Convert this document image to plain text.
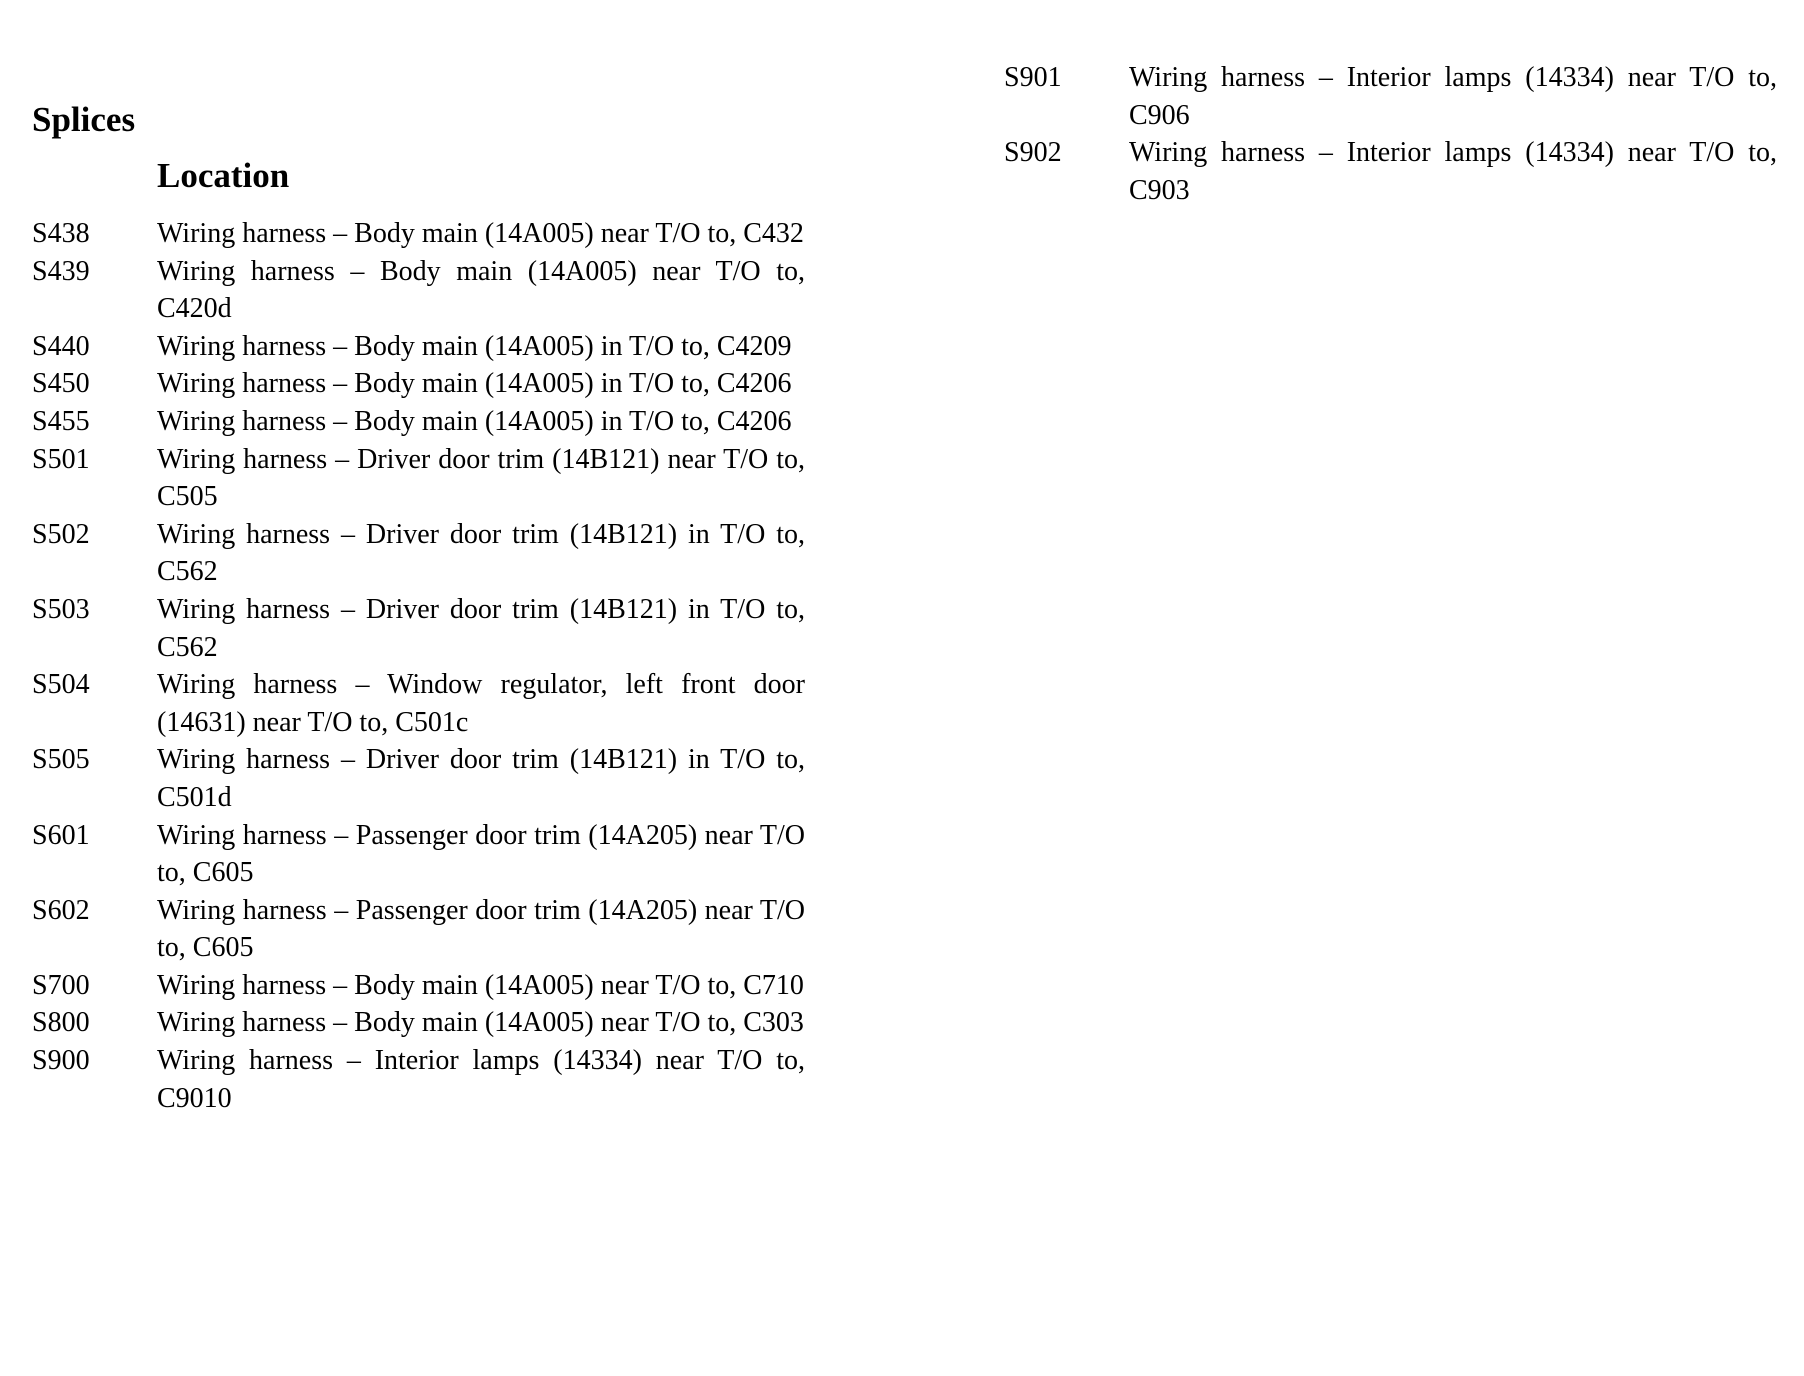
Splices
Location
S438	Wiring harness – Body main (14A005) near T/O to, C432
S439	Wiring harness – Body main (14A005) near T/O to, C420d
S440	Wiring harness – Body main (14A005) in T/O to, C4209
S450	Wiring harness – Body main (14A005) in T/O to, C4206
S455	Wiring harness – Body main (14A005) in T/O to, C4206
S501	Wiring harness – Driver door trim (14B121) near T/O to, C505
S502	Wiring harness – Driver door trim (14B121) in T/O to, C562
S503	Wiring harness – Driver door trim (14B121) in T/O to, C562
S504	Wiring harness – Window regulator, left front door (14631) near T/O to, C501c
S505	Wiring harness – Driver door trim (14B121) in T/O to, C501d
S601	Wiring harness – Passenger door trim (14A205) near T/O to, C605
S602	Wiring harness – Passenger door trim (14A205) near T/O to, C605
S700	Wiring harness – Body main (14A005) near T/O to, C710
S800	Wiring harness – Body main (14A005) near T/O to, C303
S900	Wiring harness – Interior lamps (14334) near T/O to, C9010
S901	Wiring harness – Interior lamps (14334) near T/O to, C906
S902	Wiring harness – Interior lamps (14334) near T/O to, C903
